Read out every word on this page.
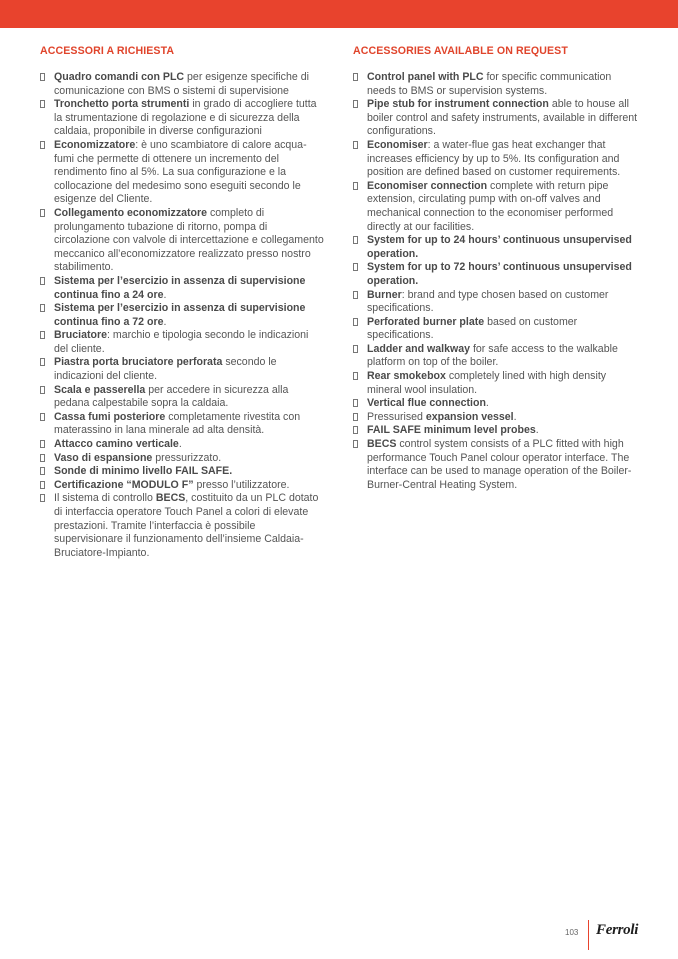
ACCESSORI A RICHIESTA
Quadro comandi con PLC per esigenze specifiche di comunicazione con BMS o sistemi di supervisione
Tronchetto porta strumenti in grado di accogliere tutta la strumentazione di regolazione e di sicurezza della caldaia, proponibile in diverse configurazioni
Economizzatore: è uno scambiatore di calore acqua-fumi che permette di ottenere un incremento del rendimento fino al 5%. La sua configurazione e la collocazione del medesimo sono eseguiti secondo le esigenze del Cliente.
Collegamento economizzatore completo di prolungamento tubazione di ritorno, pompa di circolazione con valvole di intercettazione e collegamento meccanico all’economizzatore realizzato presso nostro stabilimento.
Sistema per l’esercizio in assenza di supervisione continua fino a 24 ore.
Sistema per l’esercizio in assenza di supervisione continua fino a 72 ore.
Bruciatore: marchio e tipologia secondo le indicazioni del cliente.
Piastra porta bruciatore perforata secondo le indicazioni del cliente.
Scala e passerella per accedere in sicurezza alla pedana calpestabile sopra la caldaia.
Cassa fumi posteriore completamente rivestita con materassino in lana minerale ad alta densità.
Attacco camino verticale.
Vaso di espansione pressurizzato.
Sonde di minimo livello FAIL SAFE.
Certificazione “MODULO F” presso l’utilizzatore.
Il sistema di controllo BECS, costituito da un PLC dotato di interfaccia operatore Touch Panel a colori di elevate prestazioni. Tramite l’interfaccia è possibile supervisionare il funzionamento dell’insieme Caldaia-Bruciatore-Impianto.
ACCESSORIES AVAILABLE ON REQUEST
Control panel with PLC for specific communication needs to BMS or supervision systems.
Pipe stub for instrument connection able to house all boiler control and safety instruments, available in different configurations.
Economiser: a water-flue gas heat exchanger that increases efficiency by up to 5%. Its configuration and position are defined based on customer requirements.
Economiser connection complete with return pipe extension, circulating pump with on-off valves and mechanical connection to the economiser performed directly at our facilities.
System for up to 24 hours’ continuous unsupervised operation.
System for up to 72 hours’ continuous unsupervised operation.
Burner: brand and type chosen based on customer specifications.
Perforated burner plate based on customer specifications.
Ladder and walkway for safe access to the walkable platform on top of the boiler.
Rear smokebox completely lined with high density mineral wool insulation.
Vertical flue connection.
Pressurised expansion vessel.
FAIL SAFE minimum level probes.
BECS control system consists of a PLC fitted with high performance Touch Panel colour operator interface. The interface can be used to manage operation of the Boiler-Burner-Central Heating System.
103 Ferroli
